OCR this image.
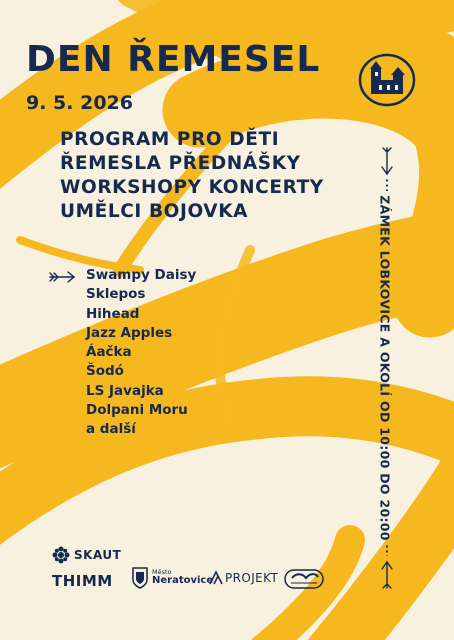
DEN ŘEMESEL
9. 5. 2026
PROGRAM PRO DĚTI
ŘEMESLA PŘEDNÁŠKY
WORKSHOPY KONCERTY
UMĚLCI BOJOVKA
Swampy Daisy
Sklepos
Hihead
Jazz Apples
Áačka
Šodó
LS Javajka
Dolpani Moru
a další	ZÁMEK LOBKOVICE A OKOLÍ OD 10:00 DO 20:00
SKAUT
THIMM	Město
Neratovice PROJEKT
